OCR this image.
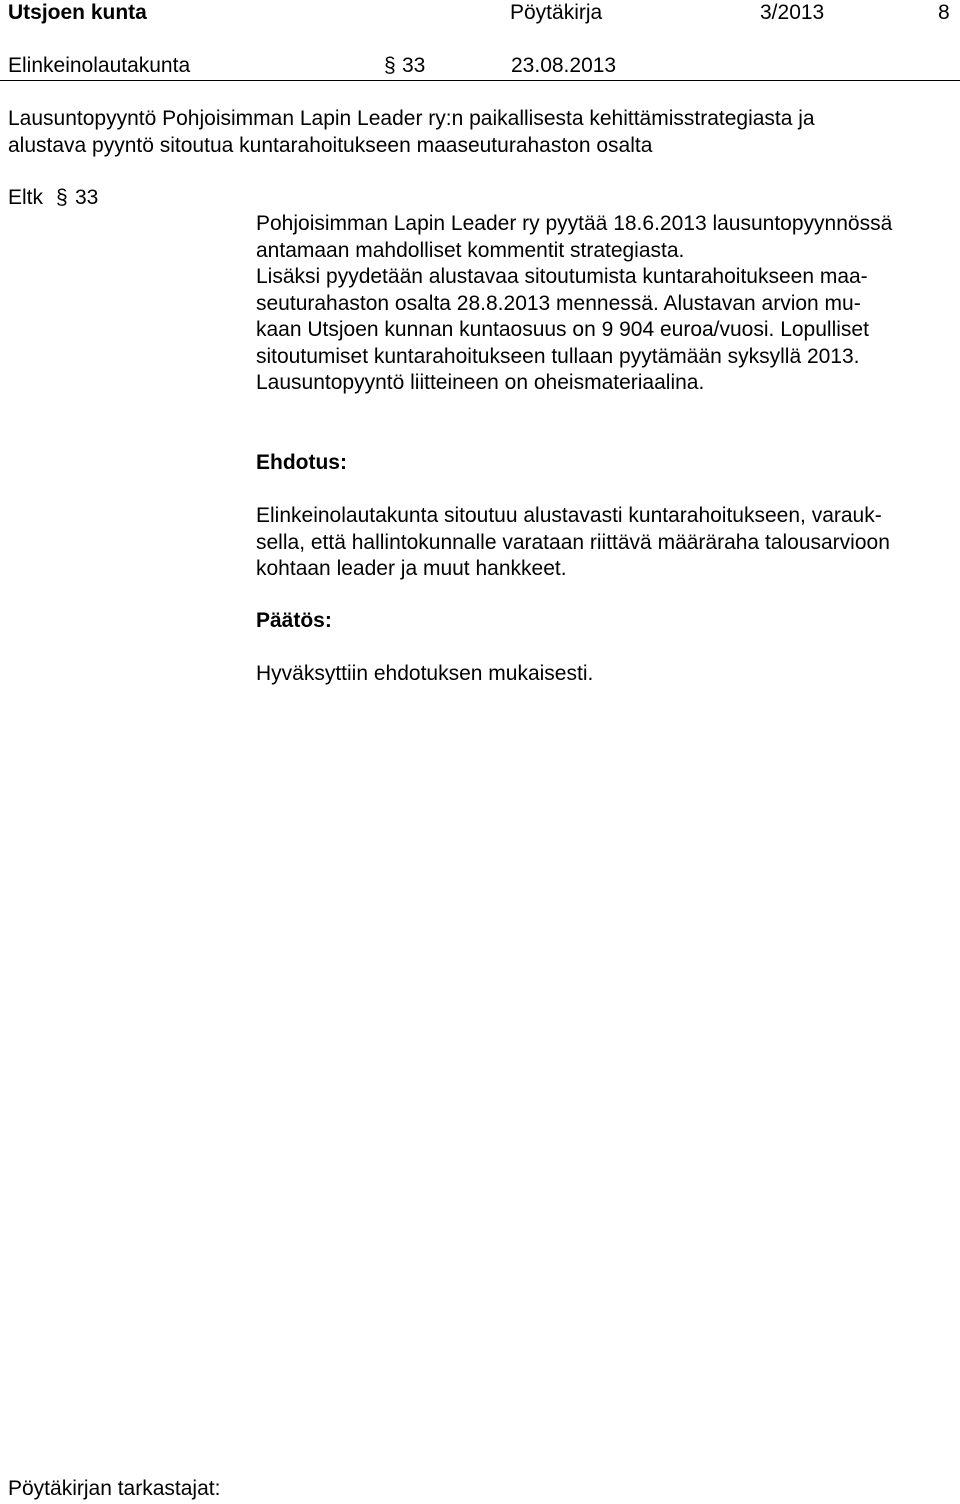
Utsjoen kunta	Pöytäkirja	3/2013	8
Elinkeinolautakunta	§ 33	23.08.2013
Lausuntopyyntö Pohjoisimman Lapin Leader ry:n paikallisesta kehittämisstrategiasta ja
alustava pyyntö sitoutua kuntarahoitukseen maaseuturahaston osalta
Eltk § 33
Pohjoisimman Lapin Leader ry pyytää 18.6.2013 lausuntopyynnössä
antamaan mahdolliset kommentit strategiasta.
Lisäksi pyydetään alustavaa sitoutumista kuntarahoitukseen maa-
seuturahaston osalta 28.8.2013 mennessä. Alustavan arvion mu-
kaan Utsjoen kunnan kuntaosuus on 9 904 euroa/vuosi. Lopulliset
sitoutumiset kuntarahoitukseen tullaan pyytämään syksyllä 2013.
Lausuntopyyntö liitteineen on oheismateriaalina.
Ehdotus:
Elinkeinolautakunta sitoutuu alustavasti kuntarahoitukseen, varauk-
sella, että hallintokunnalle varataan riittävä määräraha talousarvioon
kohtaan leader ja muut hankkeet.
Päätös:
Hyväksyttiin ehdotuksen mukaisesti.
Pöytäkirjan tarkastajat:
